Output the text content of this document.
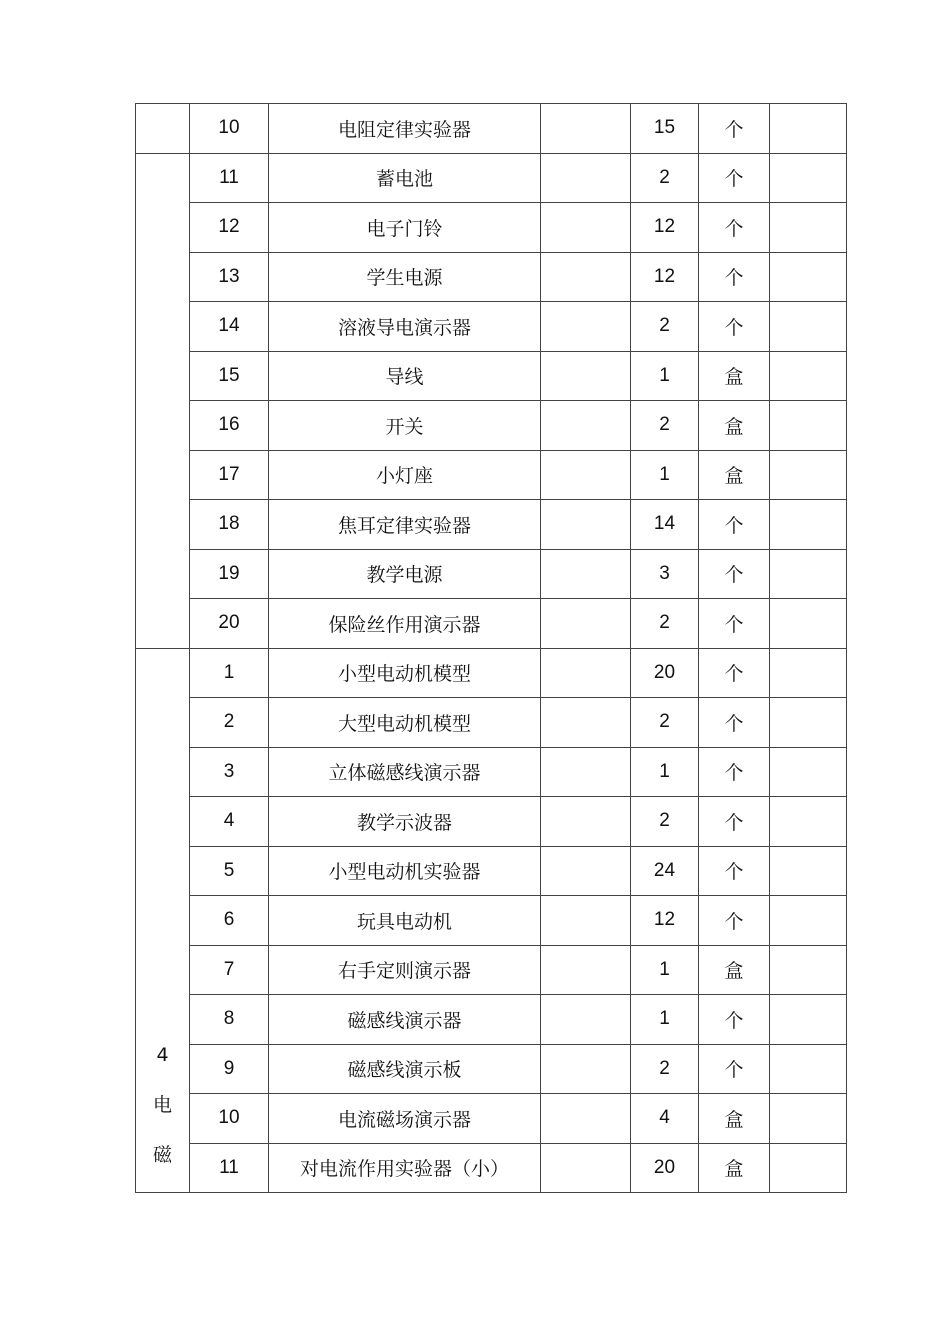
	10	电阻定律实验器		15	个	

	11	蓄电池		2	个	
	12	电子门铃		12	个	
	13	学生电源		12	个	
	14	溶液导电演示器		2	个	
	15	导线		1	盒	
	16	开关		2	盒	
	17	小灯座		1	盒	
	18	焦耳定律实验器		14	个	
	19	教学电源		3	个	
	20	保险丝作用演示器		2	个	

4
电
磁	1	小型电动机模型		20	个	
	2	大型电动机模型		2	个	
	3	立体磁感线演示器		1	个	
	4	教学示波器		2	个	
	5	小型电动机实验器		24	个	
	6	玩具电动机		12	个	
	7	右手定则演示器		1	盒	
	8	磁感线演示器		1	个	
	9	磁感线演示板		2	个	
	10	电流磁场演示器		4	盒	
	11	对电流作用实验器（小）		20	盒	
